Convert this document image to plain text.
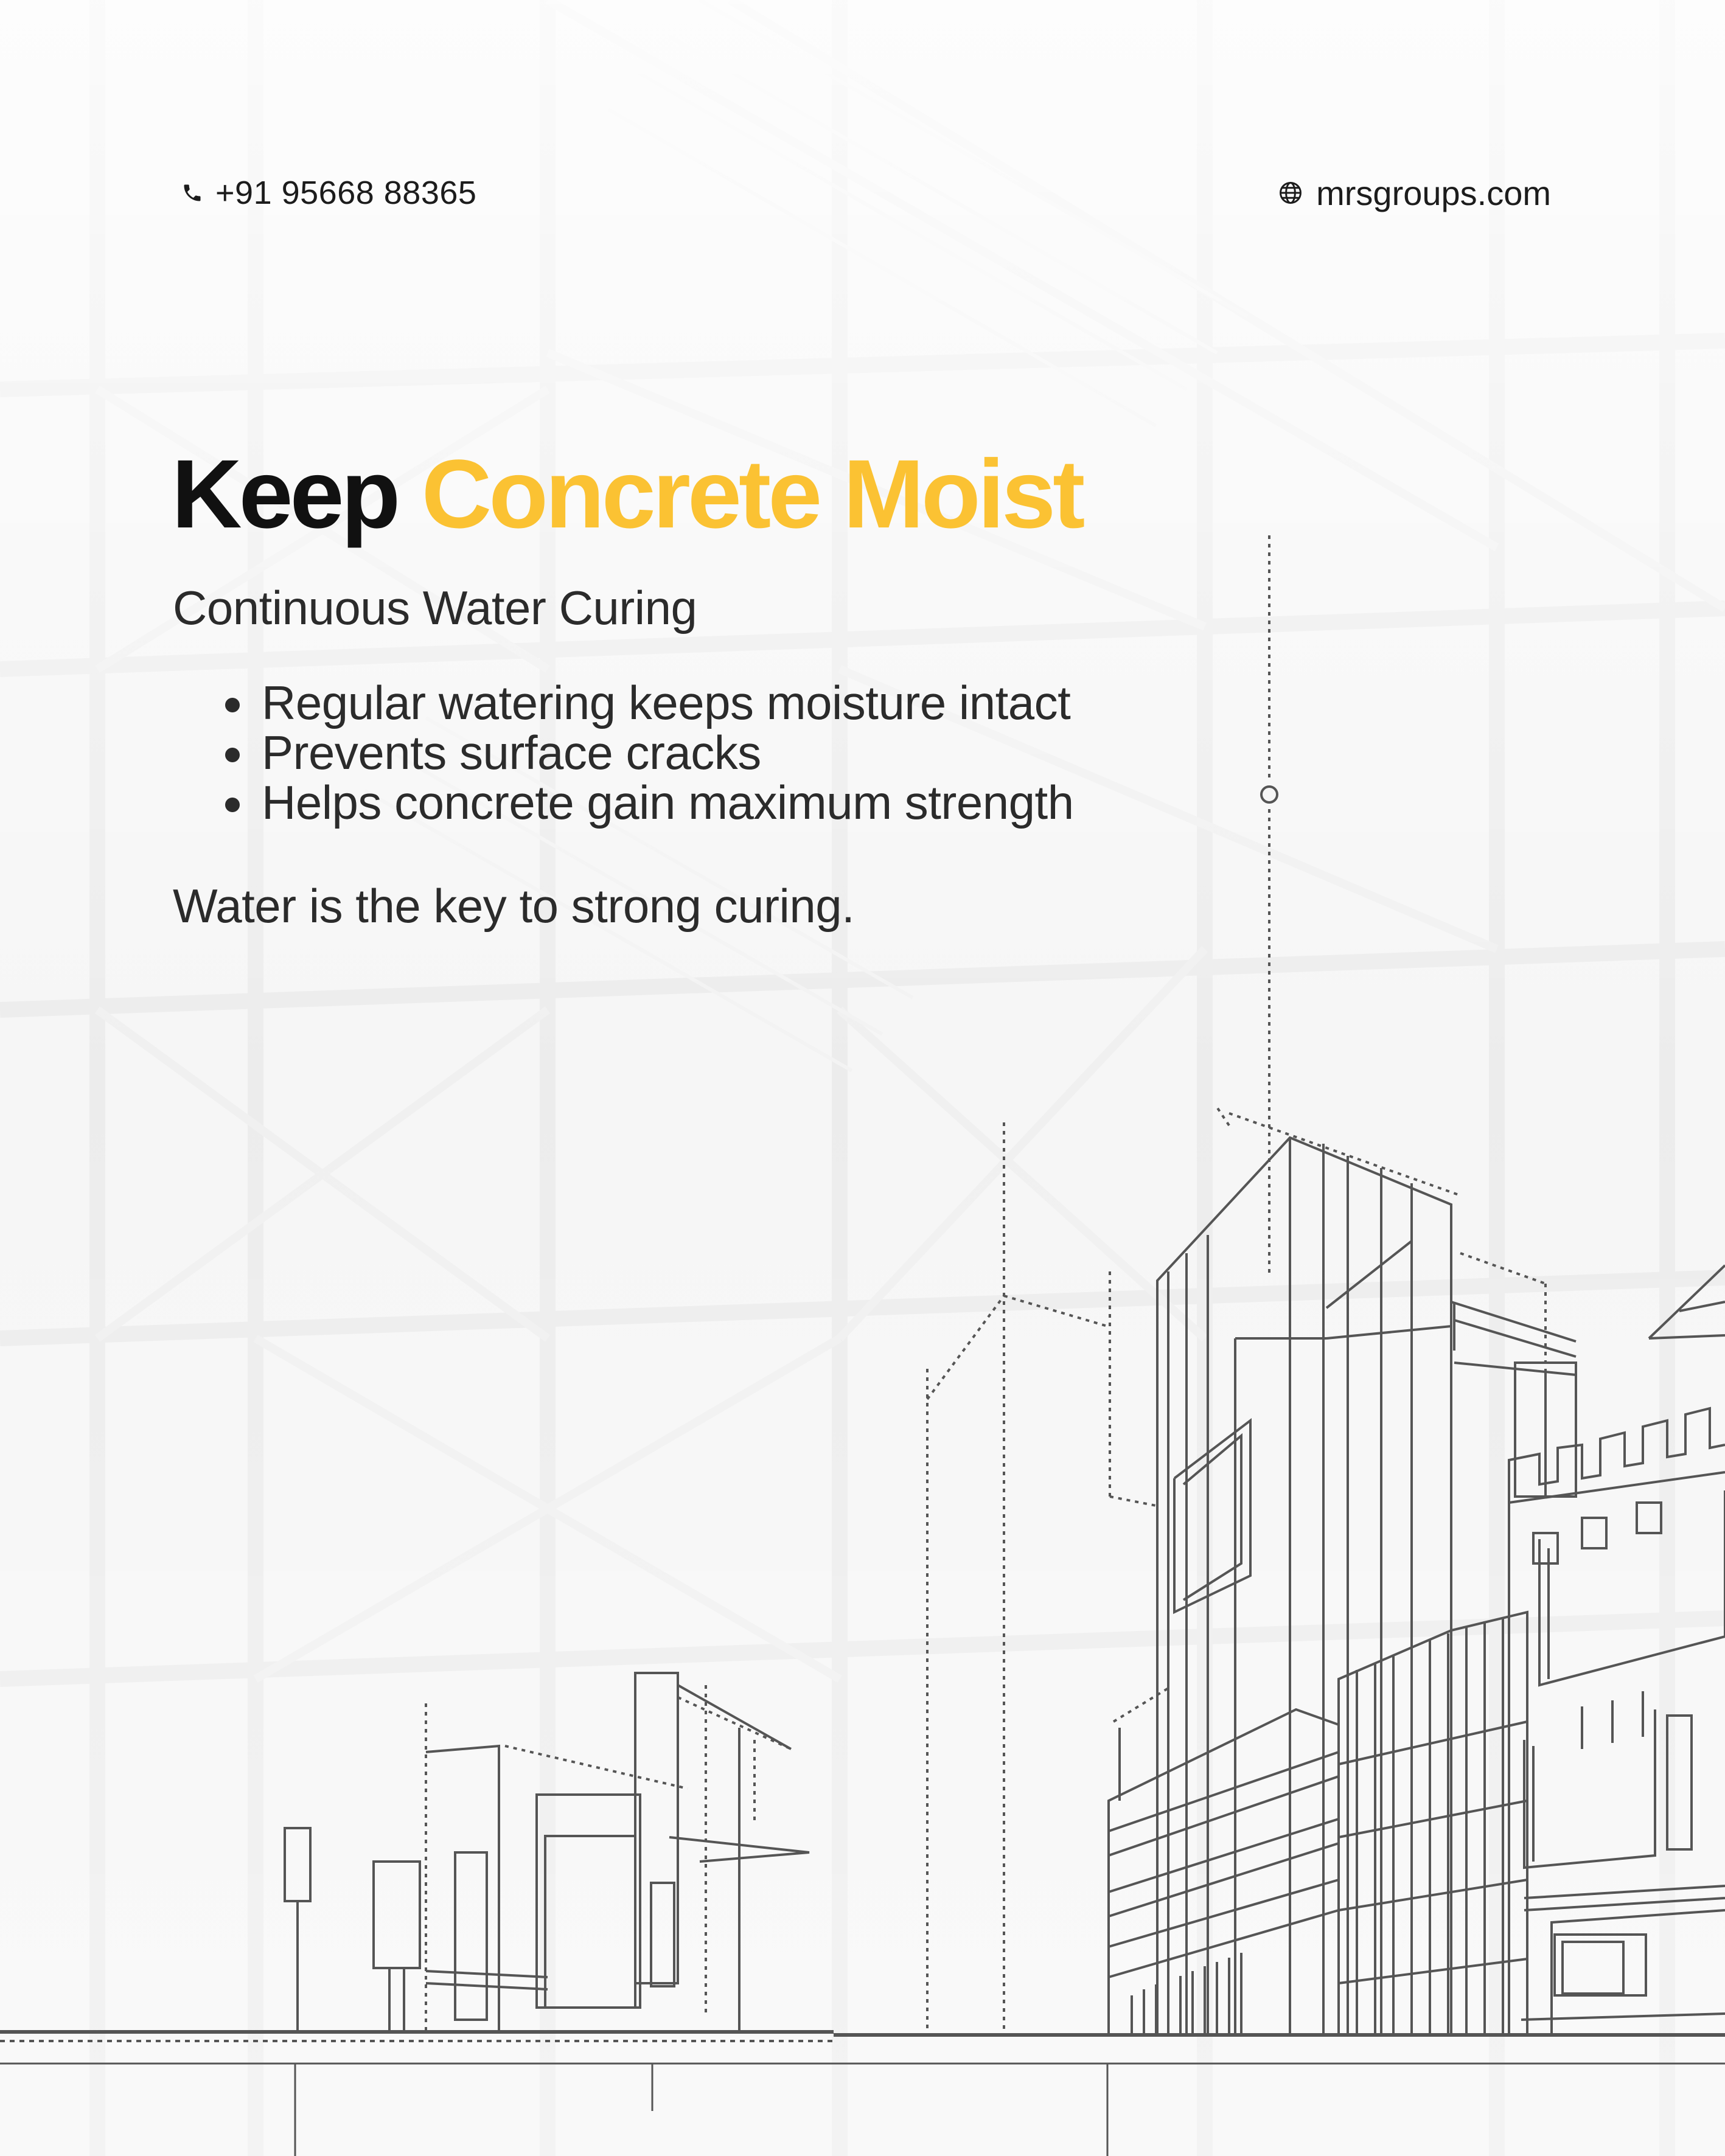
+91 95668 88365	mrsgroups.com
Keep Concrete Moist

Continuous Water Curing

• Regular watering keeps moisture intact
• Prevents surface cracks
• Helps concrete gain maximum strength

Water is the key to strong curing.
